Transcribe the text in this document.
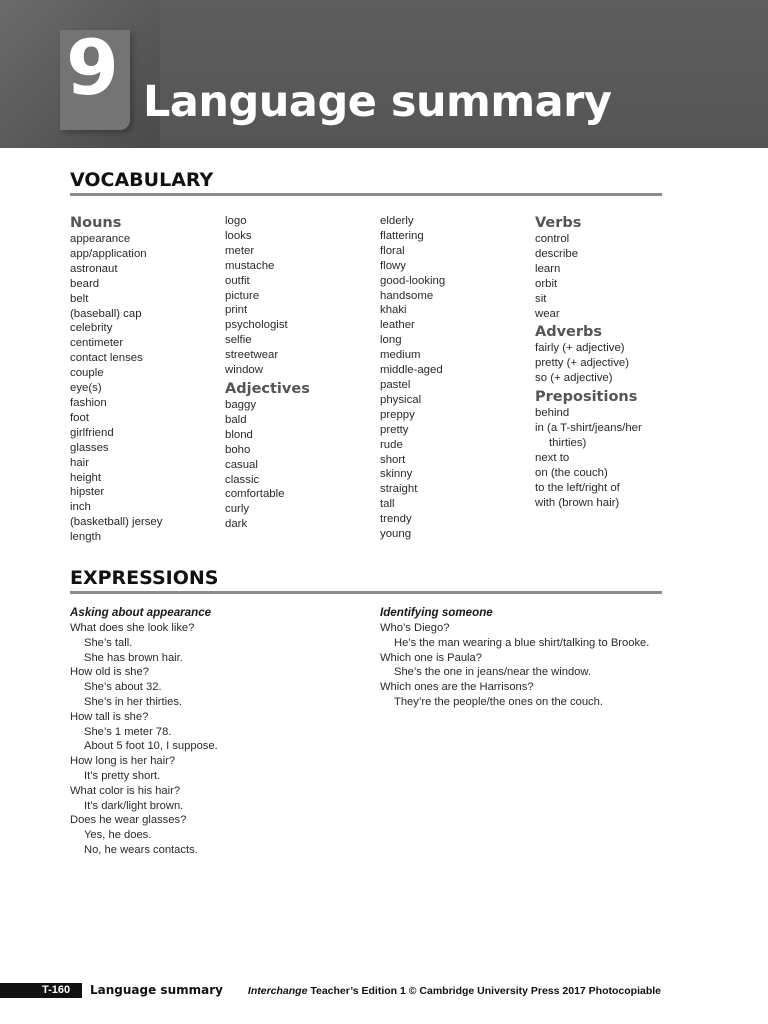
9 Language summary
VOCABULARY
Nouns
appearance
app/application
astronaut
beard
belt
(baseball) cap
celebrity
centimeter
contact lenses
couple
eye(s)
fashion
foot
girlfriend
glasses
hair
height
hipster
inch
(basketball) jersey
length
logo
looks
meter
mustache
outfit
picture
print
psychologist
selfie
streetwear
window
Adjectives
baggy
bald
blond
boho
casual
classic
comfortable
curly
dark
elderly
flattering
floral
flowy
good-looking
handsome
khaki
leather
long
medium
middle-aged
pastel
physical
preppy
pretty
rude
short
skinny
straight
tall
trendy
young
Verbs
control
describe
learn
orbit
sit
wear
Adverbs
fairly (+ adjective)
pretty (+ adjective)
so (+ adjective)
Prepositions
behind
in (a T-shirt/jeans/her
thirties)
next to
on (the couch)
to the left/right of
with (brown hair)
EXPRESSIONS
Asking about appearance
What does she look like?
She’s tall.
She has brown hair.
How old is she?
She’s about 32.
She’s in her thirties.
How tall is she?
She’s 1 meter 78.
About 5 foot 10, I suppose.
How long is her hair?
It’s pretty short.
What color is his hair?
It’s dark/light brown.
Does he wear glasses?
Yes, he does.
No, he wears contacts.
Identifying someone
Who’s Diego?
He’s the man wearing a blue shirt/talking to Brooke.
Which one is Paula?
She’s the one in jeans/near the window.
Which ones are the Harrisons?
They’re the people/the ones on the couch.
T-160	Language summary Interchange Teacher’s Edition 1 © Cambridge University Press 2017 Photocopiable
